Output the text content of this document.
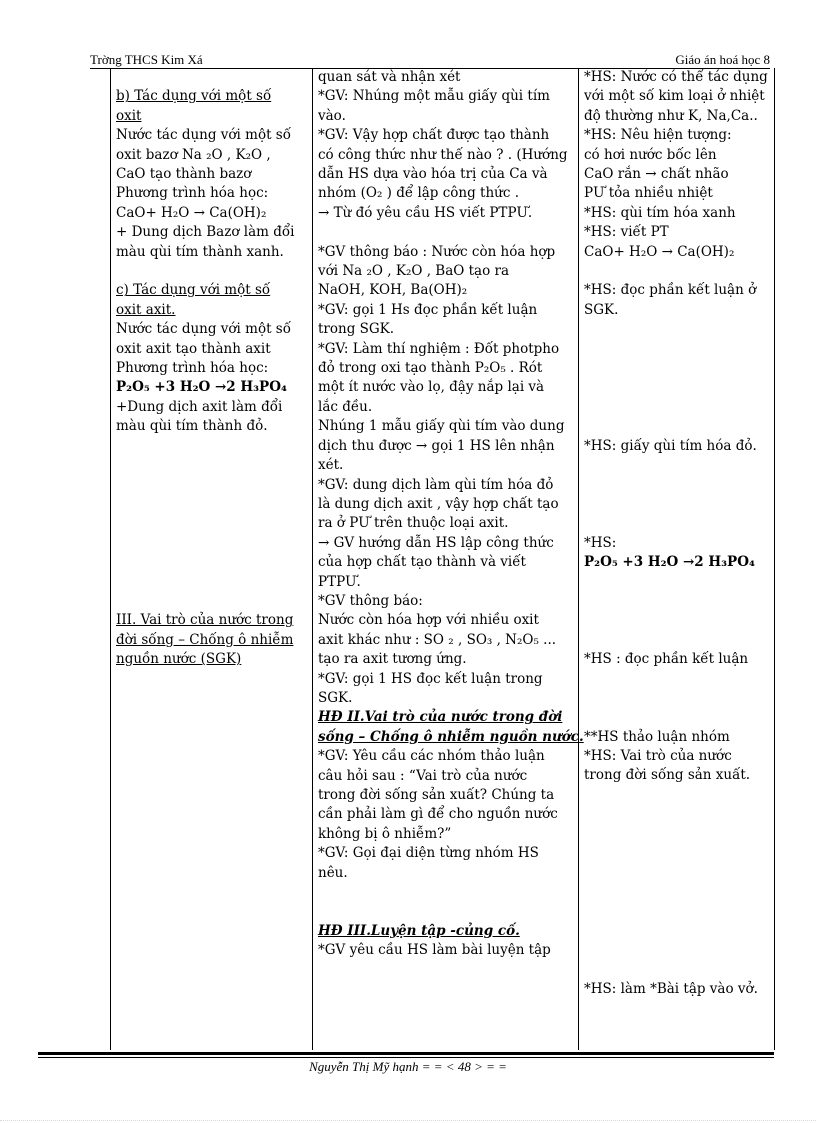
Trờng THCS Kim Xá	Giáo án hoá học 8

b) Tác dụng với một số

oxit

Nước tác dụng với một số

oxit bazơ Na ₂O , K₂O ,

CaO tạo thành bazơ

Phương trình hóa học:

CaO+ H₂O → Ca(OH)₂

+ Dung dịch Bazơ làm đổi

màu qùi tím thành xanh.

c) Tác dụng với một số

oxit axit.

Nước tác dụng với một số

oxit axit tạo thành axit

Phương trình hóa học:

P₂O₅ +3 H₂O →2 H₃PO₄

+Dung dịch axit làm đổi

màu qùi tím thành đỏ.

III. Vai trò của nước trong

đời sống – Chống ô nhiễm

nguồn nước (SGK)

quan sát và nhận xét

*GV: Nhúng một mẫu giấy qùi tím

vào.

*GV: Vậy hợp chất được tạo thành

có công thức như thế nào ? . (Hướng

dẫn HS dựa vào hóa trị của Ca và

nhóm (O₂ ) để lập công thức .

→ Từ đó yêu cầu HS viết PTPƯ.

*GV thông báo : Nước còn hóa hợp

với Na ₂O , K₂O , BaO tạo ra

NaOH, KOH, Ba(OH)₂

*GV: gọi 1 Hs đọc phần kết luận

trong SGK.

*GV: Làm thí nghiệm : Đốt photpho

đỏ trong oxi tạo thành P₂O₅ . Rót

một ít nước vào lọ, đậy nắp lại và

lắc đều.

Nhúng 1 mẫu giấy qùi tím vào dung

dịch thu được → gọi 1 HS lên nhận

xét.

*GV: dung dịch làm qùi tím hóa đỏ

là dung dịch axit , vậy hợp chất tạo

ra ở PƯ trên thuộc loại axit.

→ GV hướng dẫn HS lập công thức

của hợp chất tạo thành và viết

PTPƯ.

*GV thông báo:

Nước còn hóa hợp với nhiều oxit

axit khác như : SO ₂ , SO₃ , N₂O₅ ...

tạo ra axit tương ứng.

*GV: gọi 1 HS đọc kết luận trong

SGK.

HĐ II.Vai trò của nước trong đời

sống – Chống ô nhiễm nguồn nước.

*GV: Yêu cầu các nhóm thảo luận

câu hỏi sau : “Vai trò của nước

trong đời sống sản xuất? Chúng ta

cần phải làm gì để cho nguồn nước

không bị ô nhiễm?”

*GV: Gọi đại diện từng nhóm HS

nêu.

HĐ III.Luyện tập -củng cố.

*GV yêu cầu HS làm bài luyện tập

*HS: Nước có thể tác dụng

với một số kim loại ở nhiệt

độ thường như K, Na,Ca..

*HS: Nêu hiện tượng:

có hơi nước bốc lên

CaO rắn → chất nhão

PƯ tỏa nhiều nhiệt

*HS: qùi tím hóa xanh

*HS: viết PT

CaO+ H₂O → Ca(OH)₂

*HS: đọc phần kết luận ở

SGK.

*HS: giấy qùi tím hóa đỏ.

*HS:

P₂O₅ +3 H₂O →2 H₃PO₄

*HS : đọc phần kết luận

**HS thảo luận nhóm

*HS: Vai trò của nước

trong đời sống sản xuất.

*HS: làm *Bài tập vào vở.

Nguyễn Thị Mỹ hạnh = = < 48 > = =
